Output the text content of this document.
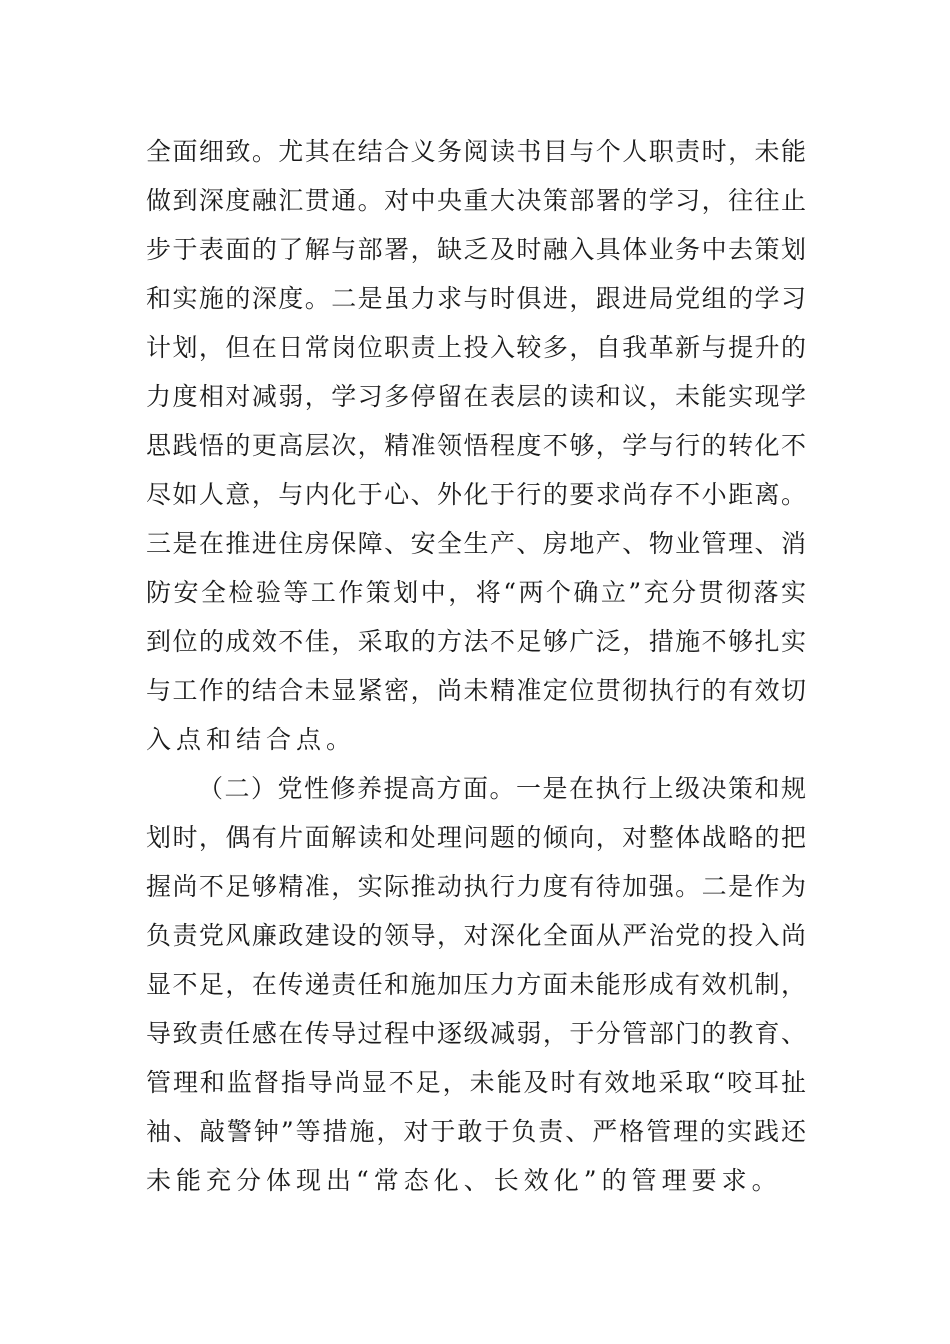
全面细致。尤其在结合义务阅读书目与个人职责时，未能
做到深度融汇贯通。对中央重大决策部署的学习，往往止
步于表面的了解与部署，缺乏及时融入具体业务中去策划
和实施的深度。二是虽力求与时俱进，跟进局党组的学习
计划，但在日常岗位职责上投入较多，自我革新与提升的
力度相对减弱，学习多停留在表层的读和议，未能实现学
思践悟的更高层次，精准领悟程度不够，学与行的转化不
尽如人意，与内化于心、外化于行的要求尚存不小距离。
三是在推进住房保障、安全生产、房地产、物业管理、消
防安全检验等工作策划中，将“两个确立”充分贯彻落实
到位的成效不佳，采取的方法不足够广泛，措施不够扎实
与工作的结合未显紧密，尚未精准定位贯彻执行的有效切
入点和结合点。
（二）党性修养提高方面。一是在执行上级决策和规
划时，偶有片面解读和处理问题的倾向，对整体战略的把
握尚不足够精准，实际推动执行力度有待加强。二是作为
负责党风廉政建设的领导，对深化全面从严治党的投入尚
显不足，在传递责任和施加压力方面未能形成有效机制，
导致责任感在传导过程中逐级减弱，于分管部门的教育、
管理和监督指导尚显不足，未能及时有效地采取“咬耳扯
袖、敲警钟”等措施，对于敢于负责、严格管理的实践还
未能充分体现出“常态化、长效化”的管理要求。
